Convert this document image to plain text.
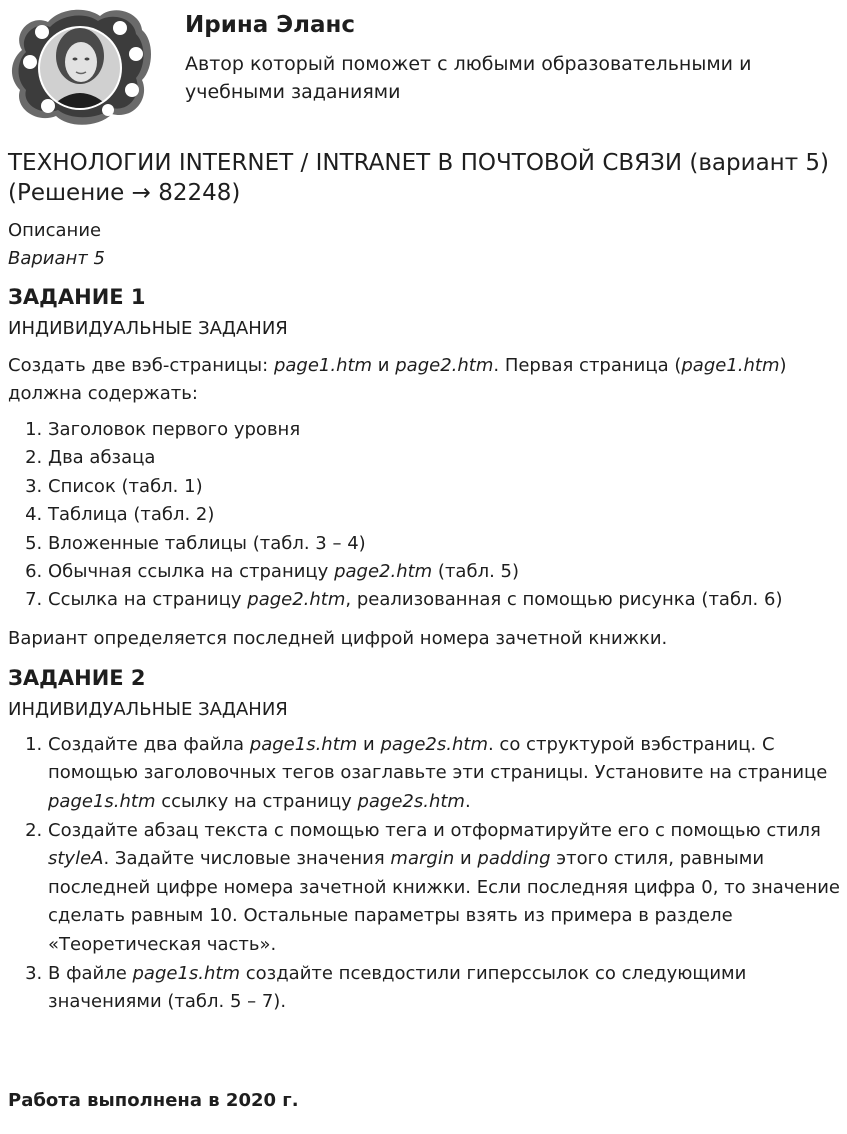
Ирина Эланс

Автор который поможет с любыми образовательными и учебными заданиями

ТЕХНОЛОГИИ INTERNET / INTRANET В ПОЧТОВОЙ СВЯЗИ (вариант 5) (Решение → 82248)
Описание
Вариант 5
ЗАДАНИЕ 1
ИНДИВИДУАЛЬНЫЕ ЗАДАНИЯ

Создать две вэб-страницы: page1.htm и page2.htm. Первая страница (page1.htm) должна содержать:

1. Заголовок первого уровня
2. Два абзаца
3. Список (табл. 1)
4. Таблица (табл. 2)
5. Вложенные таблицы (табл. 3 – 4)
6. Обычная ссылка на страницу page2.htm (табл. 5)
7. Ссылка на страницу page2.htm, реализованная с помощью рисунка (табл. 6)

Вариант определяется последней цифрой номера зачетной книжки.

ЗАДАНИЕ 2
ИНДИВИДУАЛЬНЫЕ ЗАДАНИЯ
1. Создайте два файла page1s.htm и page2s.htm. со структурой вэбстраниц. С помощью заголовочных тегов озаглавьте эти страницы. Установите на странице page1s.htm ссылку на страницу page2s.htm.
2. Создайте абзац текста с помощью тега и отформатируйте его с помощью стиля styleA. Задайте числовые значения margin и padding этого стиля, равными последней цифре номера зачетной книжки. Если последняя цифра 0, то значение сделать равным 10. Остальные параметры взять из примера в разделе «Теоретическая часть».
3. В файле page1s.htm создайте псевдостили гиперссылок со следующими значениями (табл. 5 – 7).

Работа выполнена в 2020 г.
